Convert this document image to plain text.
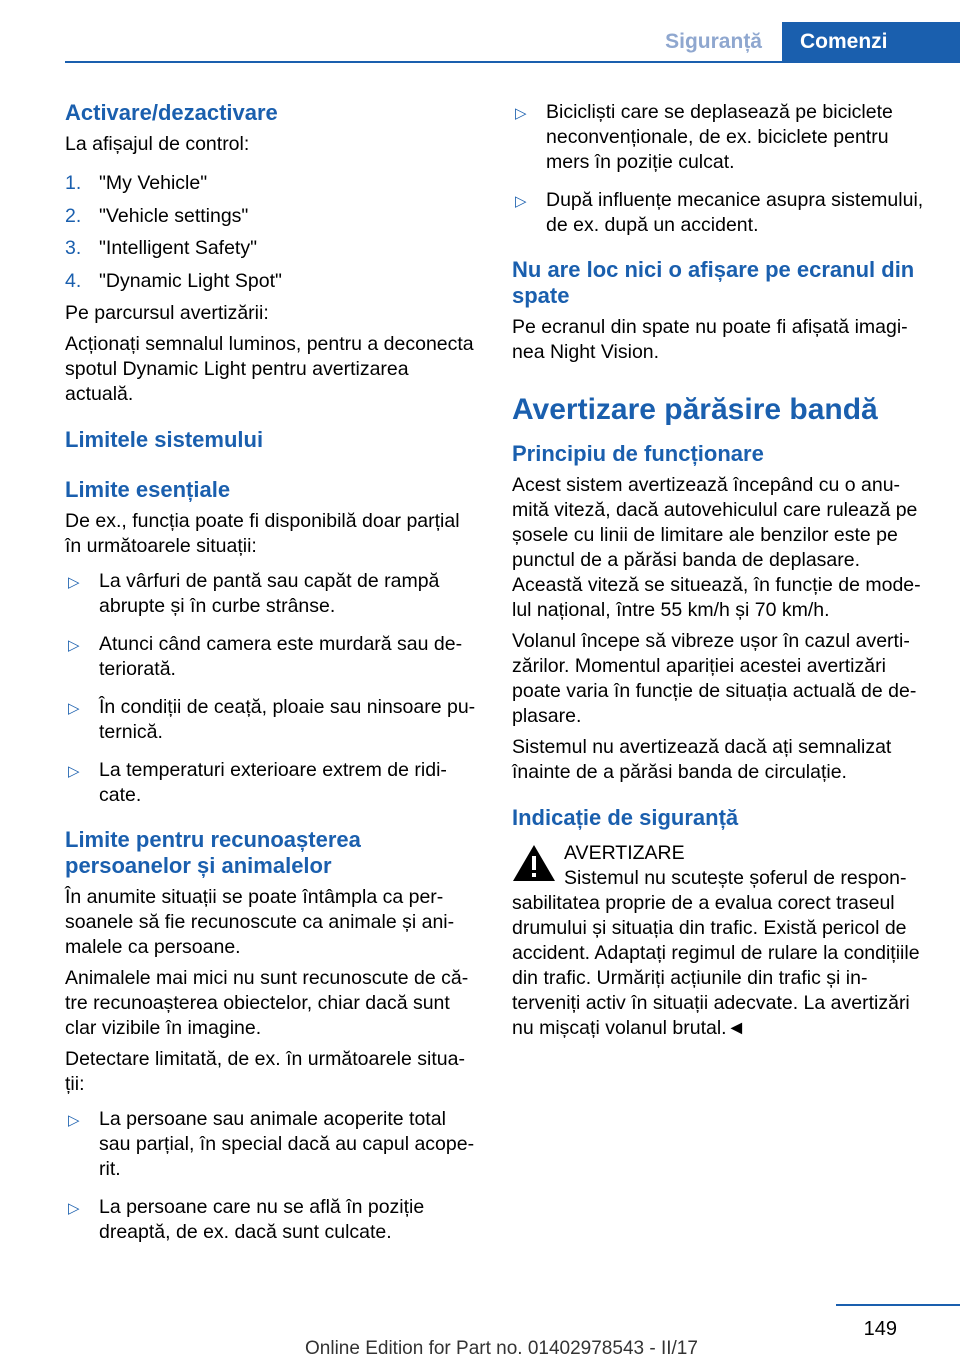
Siguranță	Comenzi
Activare/dezactivare

La afișajul de control:

1. "My Vehicle"
2. "Vehicle settings"
3. "Intelligent Safety"
4. "Dynamic Light Spot"

Pe parcursul avertizării:

Acționați semnalul luminos, pentru a deconecta spotul Dynamic Light pentru avertizarea actuală.

Limitele sistemului
Limite esențiale

De ex., funcția poate fi disponibilă doar parțial în următoarele situații:

▷ La vârfuri de pantă sau capăt de rampă abrupte și în curbe strânse.
▷ Atunci când camera este murdară sau deteriorată.
▷ În condiții de ceață, ploaie sau ninsoare puternică.
▷ La temperaturi exterioare extrem de ridicate.
Limite pentru recunoașterea persoanelor și animalelor

În anumite situații se poate întâmpla ca persoanele să fie recunoscute ca animale și animalele ca persoane.

Animalele mai mici nu sunt recunoscute de către recunoașterea obiectelor, chiar dacă sunt clar vizibile în imagine.

Detectare limitată, de ex. în următoarele situații:

▷ La persoane sau animale acoperite total sau parțial, în special dacă au capul acoperit.
▷ La persoane care nu se află în poziție dreaptă, de ex. dacă sunt culcate.
▷ Bicicliști care se deplasează pe biciclete neconvenționale, de ex. biciclete pentru mers în poziție culcat.
▷ După influențe mecanice asupra sistemului, de ex. după un accident.
Nu are loc nici o afișare pe ecranul din spate

Pe ecranul din spate nu poate fi afișată imaginea Night Vision.

Avertizare părăsire bandă
Principiu de funcționare

Acest sistem avertizează începând cu o anumită viteză, dacă autovehiculul care rulează pe șosele cu linii de limitare ale benzilor este pe punctul de a părăsi banda de deplasare. Această viteză se situează, în funcție de modelul național, între 55 km/h și 70 km/h.

Volanul începe să vibreze ușor în cazul avertizărilor. Momentul apariției acestei avertizări poate varia în funcție de situația actuală de deplasare.

Sistemul nu avertizează dacă ați semnalizat înainte de a părăsi banda de circulație.

Indicație de siguranță

AVERTIZARE

Sistemul nu scutește șoferul de responsabilitatea proprie de a evalua corect traseul drumului și situația din trafic. Există pericol de accident. Adaptați regimul de rulare la condițiile din trafic. Urmăriți acțiunile din trafic și interveniți activ în situații adecvate. La avertizări nu mișcați volanul brutal.◄

149
Online Edition for Part no. 01402978543 - II/17
